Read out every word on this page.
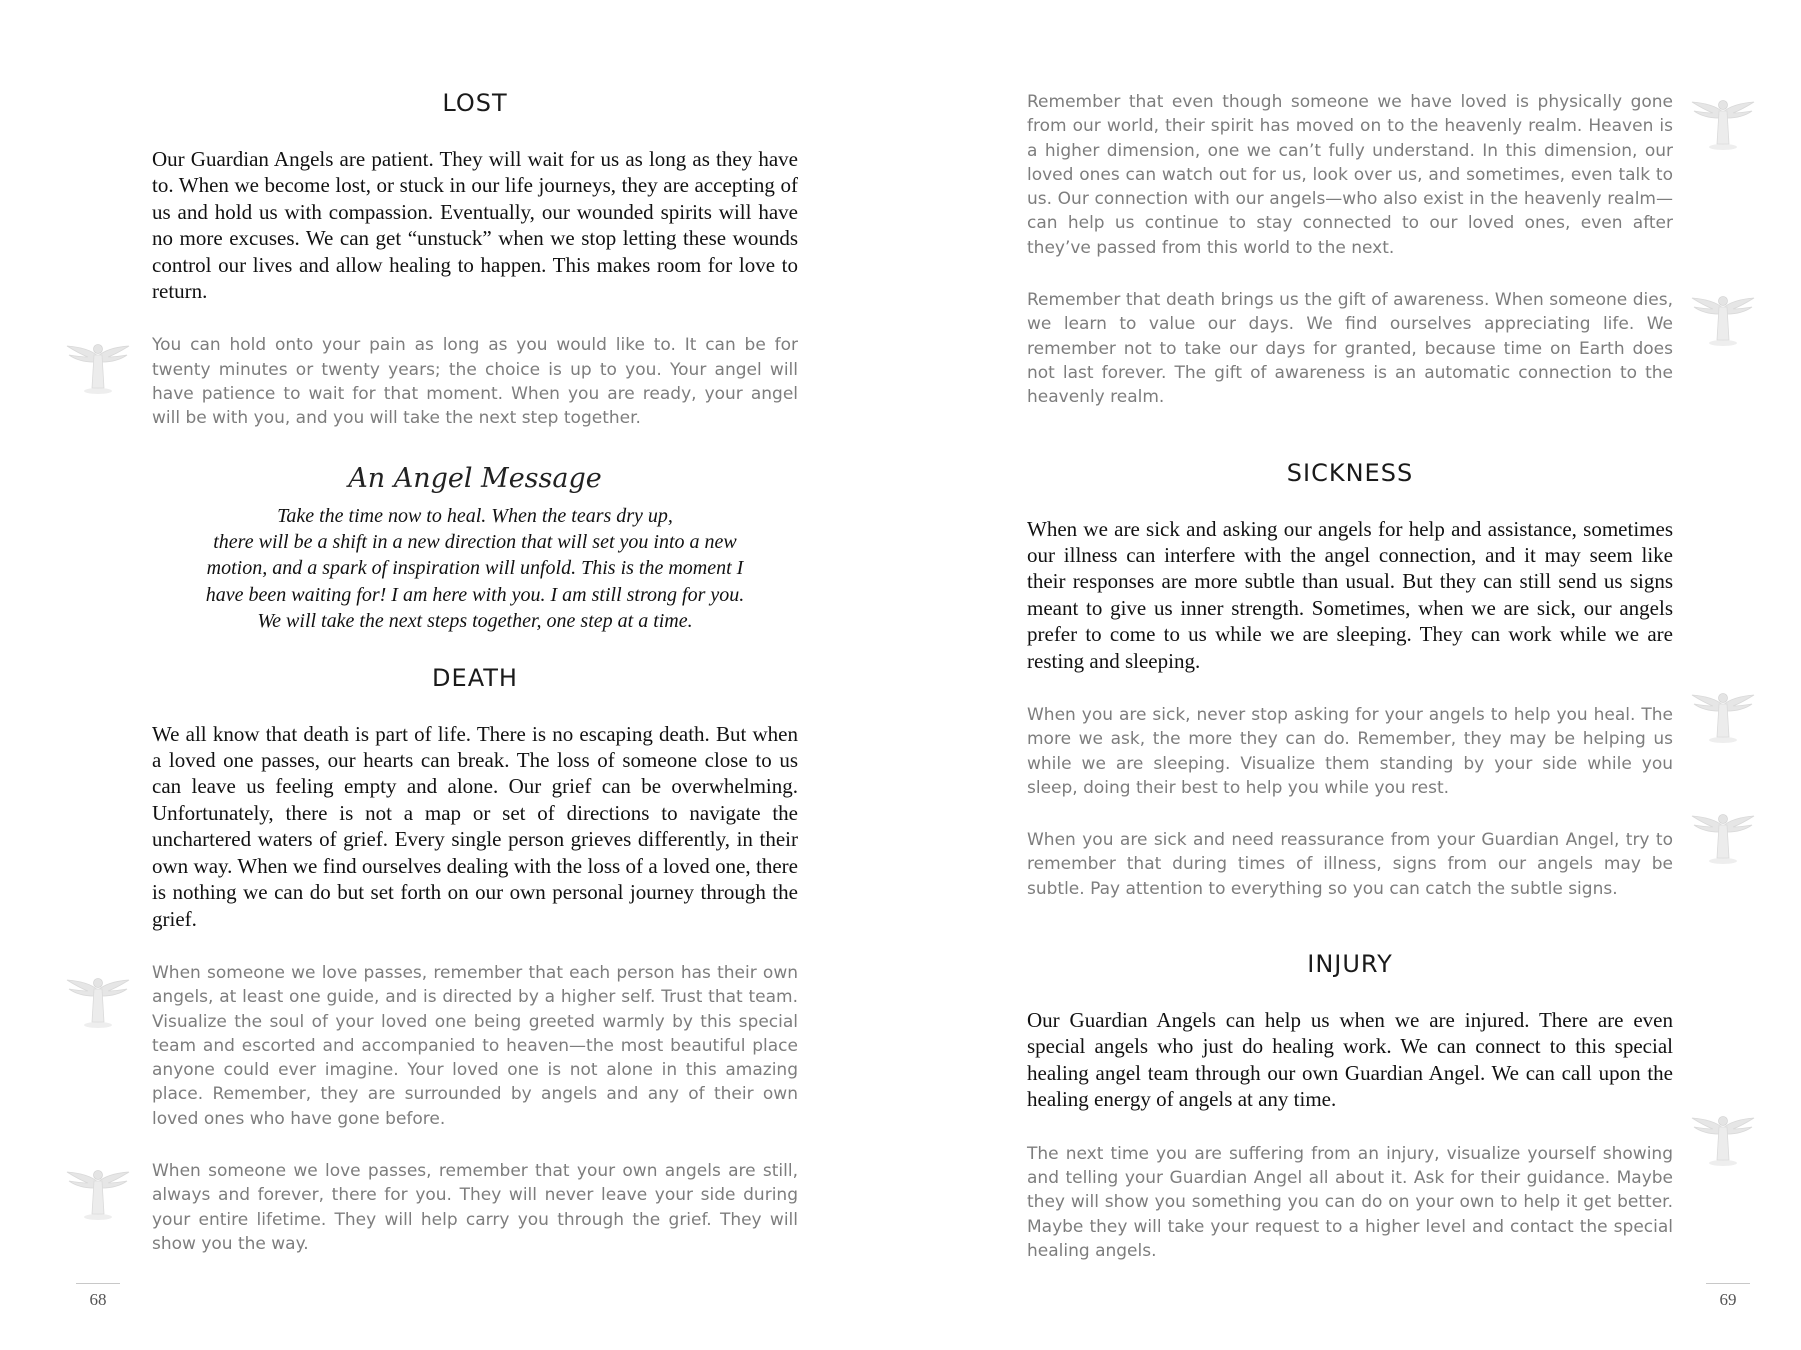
LOST

Our Guardian Angels are patient. They will wait for us as long as they have to. When we become lost, or stuck in our life journeys, they are accepting of us and hold us with compassion. Eventually, our wounded spirits will have no more excuses. We can get “unstuck” when we stop letting these wounds control our lives and allow healing to happen. This makes room for love to return.

You can hold onto your pain as long as you would like to. It can be for twenty minutes or twenty years; the choice is up to you. Your angel will have patience to wait for that moment. When you are ready, your angel will be with you, and you will take the next step together.

An Angel Message
Take the time now to heal. When the tears dry up,
there will be a shift in a new direction that will set you into a new
motion, and a spark of inspiration will unfold. This is the moment I
have been waiting for! I am here with you. I am still strong for you.
We will take the next steps together, one step at a time.
DEATH

We all know that death is part of life. There is no escaping death. But when a loved one passes, our hearts can break. The loss of someone close to us can leave us feeling empty and alone. Our grief can be overwhelming. Unfortunately, there is not a map or set of directions to navigate the unchartered waters of grief. Every single person grieves differently, in their own way. When we find ourselves dealing with the loss of a loved one, there is nothing we can do but set forth on our own personal journey through the grief.

When someone we love passes, remember that each person has their own angels, at least one guide, and is directed by a higher self. Trust that team. Visualize the soul of your loved one being greeted warmly by this special team and escorted and accompanied to heaven—the most beautiful place anyone could ever imagine. Your loved one is not alone in this amazing place. Remember, they are surrounded by angels and any of their own loved ones who have gone before.

When someone we love passes, remember that your own angels are still, always and forever, there for you. They will never leave your side during your entire lifetime. They will help carry you through the grief. They will show you the way.

68

Remember that even though someone we have loved is physically gone from our world, their spirit has moved on to the heavenly realm. Heaven is a higher dimension, one we can’t fully understand. In this dimension, our loved ones can watch out for us, look over us, and sometimes, even talk to us. Our connection with our angels—who also exist in the heavenly realm—can help us continue to stay connected to our loved ones, even after they’ve passed from this world to the next.

Remember that death brings us the gift of awareness. When someone dies, we learn to value our days. We find ourselves appreciating life. We remember not to take our days for granted, because time on Earth does not last forever. The gift of awareness is an automatic connection to the heavenly realm.

SICKNESS

When we are sick and asking our angels for help and assistance, sometimes our illness can interfere with the angel connection, and it may seem like their responses are more subtle than usual. But they can still send us signs meant to give us inner strength. Sometimes, when we are sick, our angels prefer to come to us while we are sleeping. They can work while we are resting and sleeping.

When you are sick, never stop asking for your angels to help you heal. The more we ask, the more they can do. Remember, they may be helping us while we are sleeping. Visualize them standing by your side while you sleep, doing their best to help you while you rest.

When you are sick and need reassurance from your Guardian Angel, try to remember that during times of illness, signs from our angels may be subtle. Pay attention to everything so you can catch the subtle signs.

INJURY

Our Guardian Angels can help us when we are injured. There are even special angels who just do healing work. We can connect to this special healing angel team through our own Guardian Angel. We can call upon the healing energy of angels at any time.

The next time you are suffering from an injury, visualize yourself showing and telling your Guardian Angel all about it. Ask for their guidance. Maybe they will show you something you can do on your own to help it get better. Maybe they will take your request to a higher level and contact the special healing angels.

69
